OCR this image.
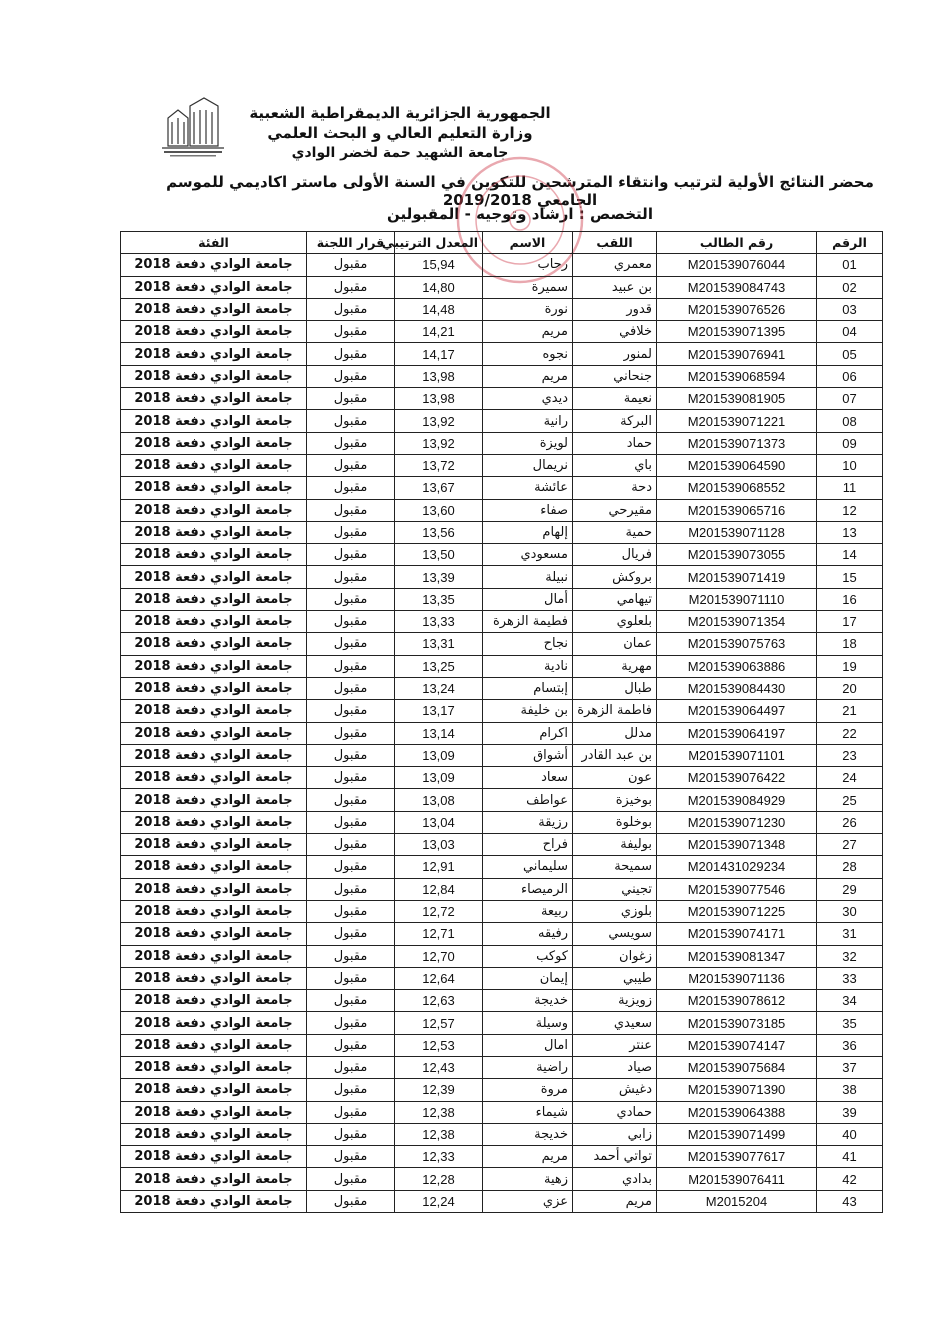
الجمهورية الجزائرية الديمقراطية الشعبية
وزارة التعليم العالي و البحث العلمي
جامعة الشهيد حمة لخضر الوادي
محضر النتائج الأولية لترتيب وانتقاء المترشحين للتكوين في السنة الأولى ماستر اكاديمي للموسم الجامعي 2019/2018
التخصص : ارشاد وتوجيه - المقبولين
الرقم	رقم الطالب	اللقب	الاسم	المعدل الترتيبي	قرار اللجنة	الفئة
01	M201539076044	معمري	رحاب	15,94	مقبول	جامعة الوادي دفعة 2018
02	M201539084743	بن عبيد	سميرة	14,80	مقبول	جامعة الوادي دفعة 2018
03	M201539076526	قدور	نورة	14,48	مقبول	جامعة الوادي دفعة 2018
04	M201539071395	خلافي	مريم	14,21	مقبول	جامعة الوادي دفعة 2018
05	M201539076941	لمنور	نجوه	14,17	مقبول	جامعة الوادي دفعة 2018
06	M201539068594	جنحاني	مريم	13,98	مقبول	جامعة الوادي دفعة 2018
07	M201539081905	نعيمة	ديدي	13,98	مقبول	جامعة الوادي دفعة 2018
08	M201539071221	البركة	رانية	13,92	مقبول	جامعة الوادي دفعة 2018
09	M201539071373	حماد	لويزة	13,92	مقبول	جامعة الوادي دفعة 2018
10	M201539064590	باي	نريمال	13,72	مقبول	جامعة الوادي دفعة 2018
11	M201539068552	دحة	عائشة	13,67	مقبول	جامعة الوادي دفعة 2018
12	M201539065716	مقيرحي	صفاء	13,60	مقبول	جامعة الوادي دفعة 2018
13	M201539071128	حمية	إلهام	13,56	مقبول	جامعة الوادي دفعة 2018
14	M201539073055	فريال	مسعودي	13,50	مقبول	جامعة الوادي دفعة 2018
15	M201539071419	بروكش	نبيلة	13,39	مقبول	جامعة الوادي دفعة 2018
16	M201539071110	تيهامي	أمال	13,35	مقبول	جامعة الوادي دفعة 2018
17	M201539071354	بلعلوي	فطيمة الزهرة	13,33	مقبول	جامعة الوادي دفعة 2018
18	M201539075763	عمان	نجاح	13,31	مقبول	جامعة الوادي دفعة 2018
19	M201539063886	مهرية	نادية	13,25	مقبول	جامعة الوادي دفعة 2018
20	M201539084430	طبال	إبتسام	13,24	مقبول	جامعة الوادي دفعة 2018
21	M201539064497	فاطمة الزهرة	بن خليفة	13,17	مقبول	جامعة الوادي دفعة 2018
22	M201539064197	مدلل	اكرام	13,14	مقبول	جامعة الوادي دفعة 2018
23	M201539071101	بن عبد القادر	أشواق	13,09	مقبول	جامعة الوادي دفعة 2018
24	M201539076422	عون	سعاد	13,09	مقبول	جامعة الوادي دفعة 2018
25	M201539084929	بوخيزة	عواطف	13,08	مقبول	جامعة الوادي دفعة 2018
26	M201539071230	بوخلوة	رزيقة	13,04	مقبول	جامعة الوادي دفعة 2018
27	M201539071348	بوليفة	فراح	13,03	مقبول	جامعة الوادي دفعة 2018
28	M201431029234	سميحة	سليماني	12,91	مقبول	جامعة الوادي دفعة 2018
29	M201539077546	تجيني	الرميصاء	12,84	مقبول	جامعة الوادي دفعة 2018
30	M201539071225	بلوزي	ربيعة	12,72	مقبول	جامعة الوادي دفعة 2018
31	M201539074171	سويسي	رفيقه	12,71	مقبول	جامعة الوادي دفعة 2018
32	M201539081347	زغوان	كوكب	12,70	مقبول	جامعة الوادي دفعة 2018
33	M201539071136	طيبي	إيمان	12,64	مقبول	جامعة الوادي دفعة 2018
34	M201539078612	زويزية	خديجة	12,63	مقبول	جامعة الوادي دفعة 2018
35	M201539073185	سعيدي	وسيلة	12,57	مقبول	جامعة الوادي دفعة 2018
36	M201539074147	عنتر	امال	12,53	مقبول	جامعة الوادي دفعة 2018
37	M201539075684	صياد	راضية	12,43	مقبول	جامعة الوادي دفعة 2018
38	M201539071390	دغيش	مروة	12,39	مقبول	جامعة الوادي دفعة 2018
39	M201539064388	حمادي	شيماء	12,38	مقبول	جامعة الوادي دفعة 2018
40	M201539071499	زابي	خديجة	12,38	مقبول	جامعة الوادي دفعة 2018
41	M201539077617	تواتي أحمد	مريم	12,33	مقبول	جامعة الوادي دفعة 2018
42	M201539076411	بدادي	زهية	12,28	مقبول	جامعة الوادي دفعة 2018
43	M2015204	مريم	عزي	12,24	مقبول	جامعة الوادي دفعة 2018
